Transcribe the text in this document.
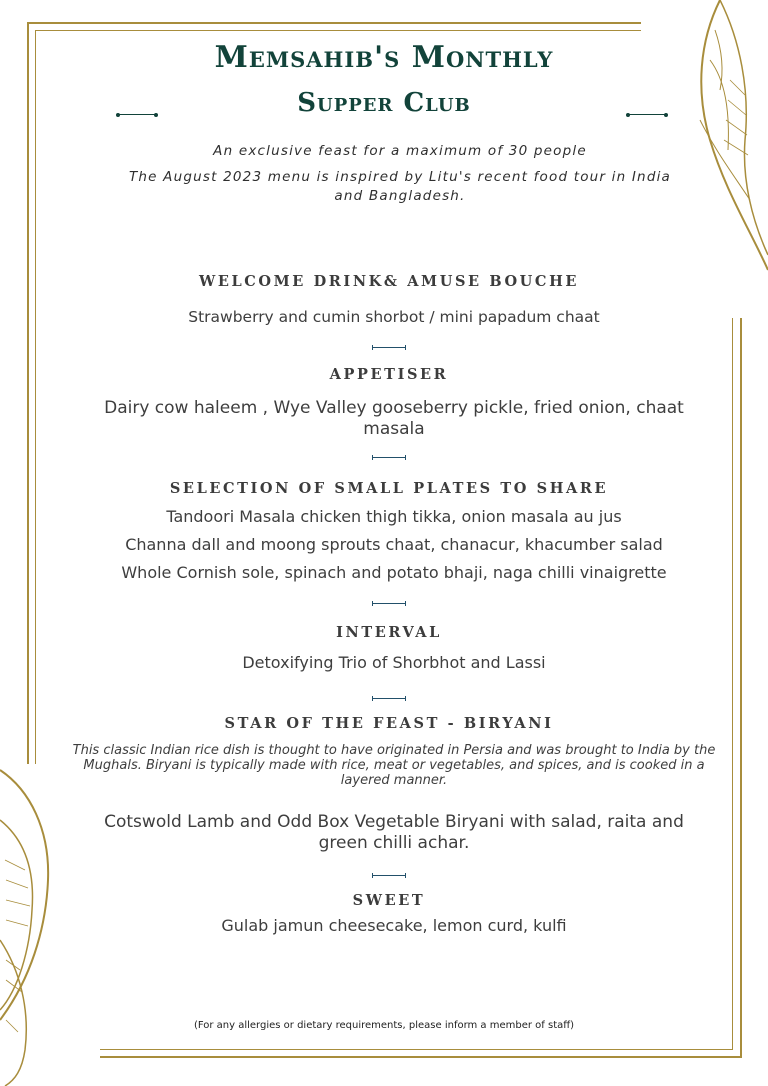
Memsahib's Monthly
Supper Club
An exclusive feast for a maximum of 30 people
The August 2023 menu is inspired by Litu's recent food tour in India and Bangladesh.
WELCOME DRINK& AMUSE BOUCHE
Strawberry and cumin shorbot / mini papadum chaat
APPETISER
Dairy cow haleem , Wye Valley gooseberry pickle, fried onion, chaat masala
SELECTION OF SMALL PLATES TO SHARE
Tandoori Masala chicken thigh tikka, onion masala au jus
Channa dall and moong sprouts chaat, chanacur, khacumber salad
Whole Cornish sole, spinach and potato bhaji, naga chilli vinaigrette
INTERVAL
Detoxifying Trio of Shorbhot and Lassi
STAR OF THE FEAST - BIRYANI
This classic Indian rice dish is thought to have originated in Persia and was brought to India by the Mughals. Biryani is typically made with rice, meat or vegetables, and spices, and is cooked in a layered manner.
Cotswold Lamb and Odd Box Vegetable Biryani with salad, raita and green chilli achar.
SWEET
Gulab jamun cheesecake, lemon curd, kulfi
(For any allergies or dietary requirements, please inform a member of staff)
